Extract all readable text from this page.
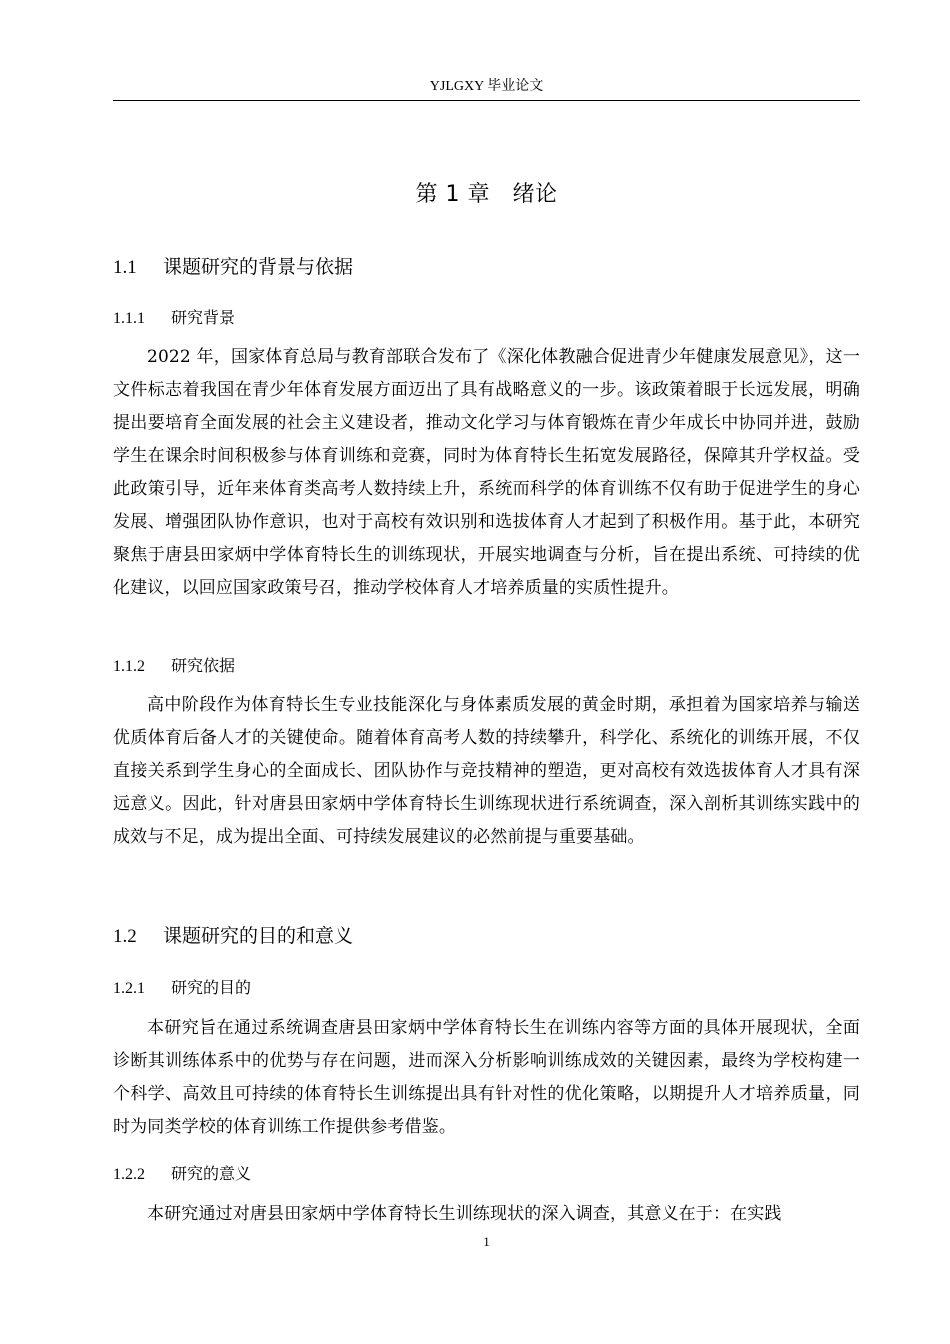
YJLGXY 毕业论文
第 1 章　绪论
1.1 课题研究的背景与依据
1.1.1 研究背景

2022 年，国家体育总局与教育部联合发布了《深化体教融合促进青少年健康发展意见》，这一文件标志着我国在青少年体育发展方面迈出了具有战略意义的一步。该政策着眼于长远发展，明确提出要培育全面发展的社会主义建设者，推动文化学习与体育锻炼在青少年成长中协同并进，鼓励学生在课余时间积极参与体育训练和竞赛，同时为体育特长生拓宽发展路径，保障其升学权益。受此政策引导，近年来体育类高考人数持续上升，系统而科学的体育训练不仅有助于促进学生的身心发展、增强团队协作意识，也对于高校有效识别和选拔体育人才起到了积极作用。基于此，本研究聚焦于唐县田家炳中学体育特长生的训练现状，开展实地调查与分析，旨在提出系统、可持续的优化建议，以回应国家政策号召，推动学校体育人才培养质量的实质性提升。

1.1.2 研究依据

高中阶段作为体育特长生专业技能深化与身体素质发展的黄金时期，承担着为国家培养与输送优质体育后备人才的关键使命。随着体育高考人数的持续攀升，科学化、系统化的训练开展，不仅直接关系到学生身心的全面成长、团队协作与竞技精神的塑造，更对高校有效选拔体育人才具有深远意义。因此，针对唐县田家炳中学体育特长生训练现状进行系统调查，深入剖析其训练实践中的成效与不足，成为提出全面、可持续发展建议的必然前提与重要基础。

1.2 课题研究的目的和意义
1.2.1 研究的目的

本研究旨在通过系统调查唐县田家炳中学体育特长生在训练内容等方面的具体开展现状，全面诊断其训练体系中的优势与存在问题，进而深入分析影响训练成效的关键因素，最终为学校构建一个科学、高效且可持续的体育特长生训练提出具有针对性的优化策略，以期提升人才培养质量，同时为同类学校的体育训练工作提供参考借鉴。

1.2.2 研究的意义

本研究通过对唐县田家炳中学体育特长生训练现状的深入调查，其意义在于：在实践

1
